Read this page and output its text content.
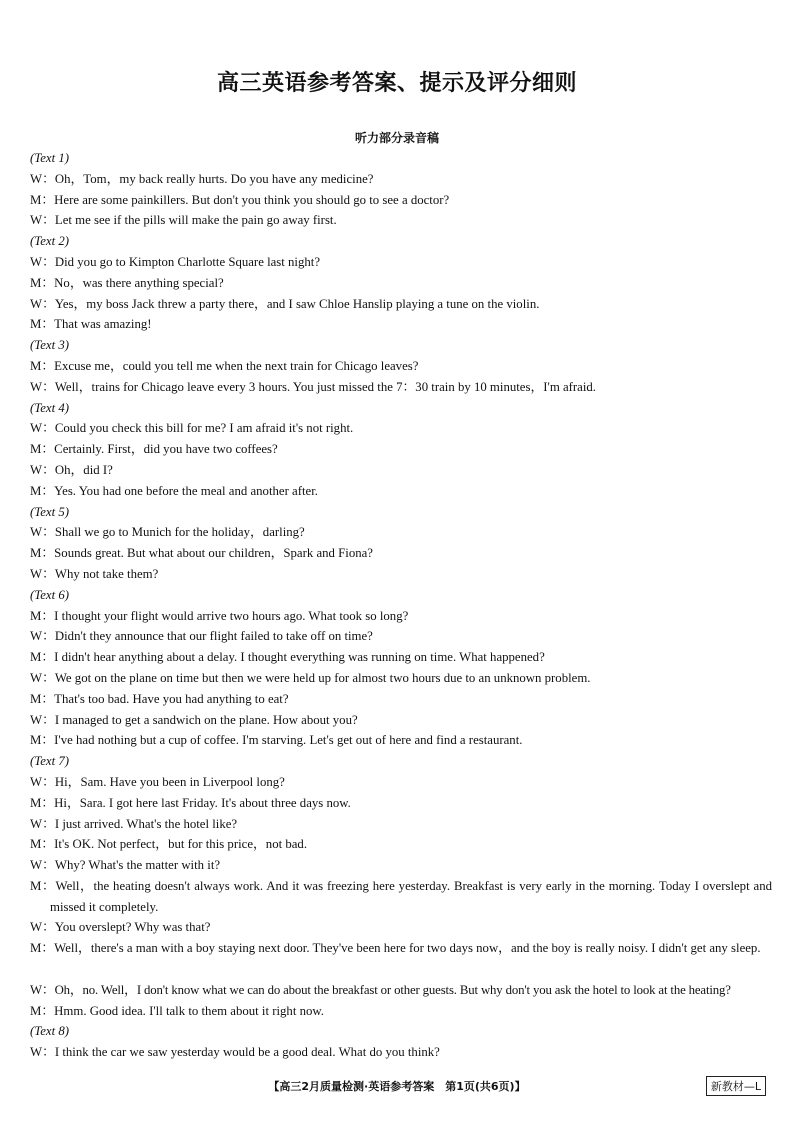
高三英语参考答案、提示及评分细则
听力部分录音稿
(Text 1)
W：Oh，Tom，my back really hurts. Do you have any medicine?
M：Here are some painkillers. But don't you think you should go to see a doctor?
W：Let me see if the pills will make the pain go away first.
(Text 2)
W：Did you go to Kimpton Charlotte Square last night?
M：No，was there anything special?
W：Yes，my boss Jack threw a party there，and I saw Chloe Hanslip playing a tune on the violin.
M：That was amazing!
(Text 3)
M：Excuse me，could you tell me when the next train for Chicago leaves?
W：Well，trains for Chicago leave every 3 hours. You just missed the 7：30 train by 10 minutes，I'm afraid.
(Text 4)
W：Could you check this bill for me? I am afraid it's not right.
M：Certainly. First，did you have two coffees?
W：Oh，did I?
M：Yes. You had one before the meal and another after.
(Text 5)
W：Shall we go to Munich for the holiday，darling?
M：Sounds great. But what about our children，Spark and Fiona?
W：Why not take them?
(Text 6)
M：I thought your flight would arrive two hours ago. What took so long?
W：Didn't they announce that our flight failed to take off on time?
M：I didn't hear anything about a delay. I thought everything was running on time. What happened?
W：We got on the plane on time but then we were held up for almost two hours due to an unknown problem.
M：That's too bad. Have you had anything to eat?
W：I managed to get a sandwich on the plane. How about you?
M：I've had nothing but a cup of coffee. I'm starving. Let's get out of here and find a restaurant.
(Text 7)
W：Hi，Sam. Have you been in Liverpool long?
M：Hi，Sara. I got here last Friday. It's about three days now.
W：I just arrived. What's the hotel like?
M：It's OK. Not perfect，but for this price，not bad.
W：Why? What's the matter with it?
M：Well，the heating doesn't always work. And it was freezing here yesterday. Breakfast is very early in the morning. Today I overslept and missed it completely.
W：You overslept? Why was that?
M：Well，there's a man with a boy staying next door. They've been here for two days now，and the boy is really noisy. I didn't get any sleep.
W：Oh，no. Well，I don't know what we can do about the breakfast or other guests. But why don't you ask the hotel to look at the heating?
M：Hmm. Good idea. I'll talk to them about it right now.
(Text 8)
W：I think the car we saw yesterday would be a good deal. What do you think?
【高三2月质量检测·英语参考答案　第1页(共6页)】	新教材—L
